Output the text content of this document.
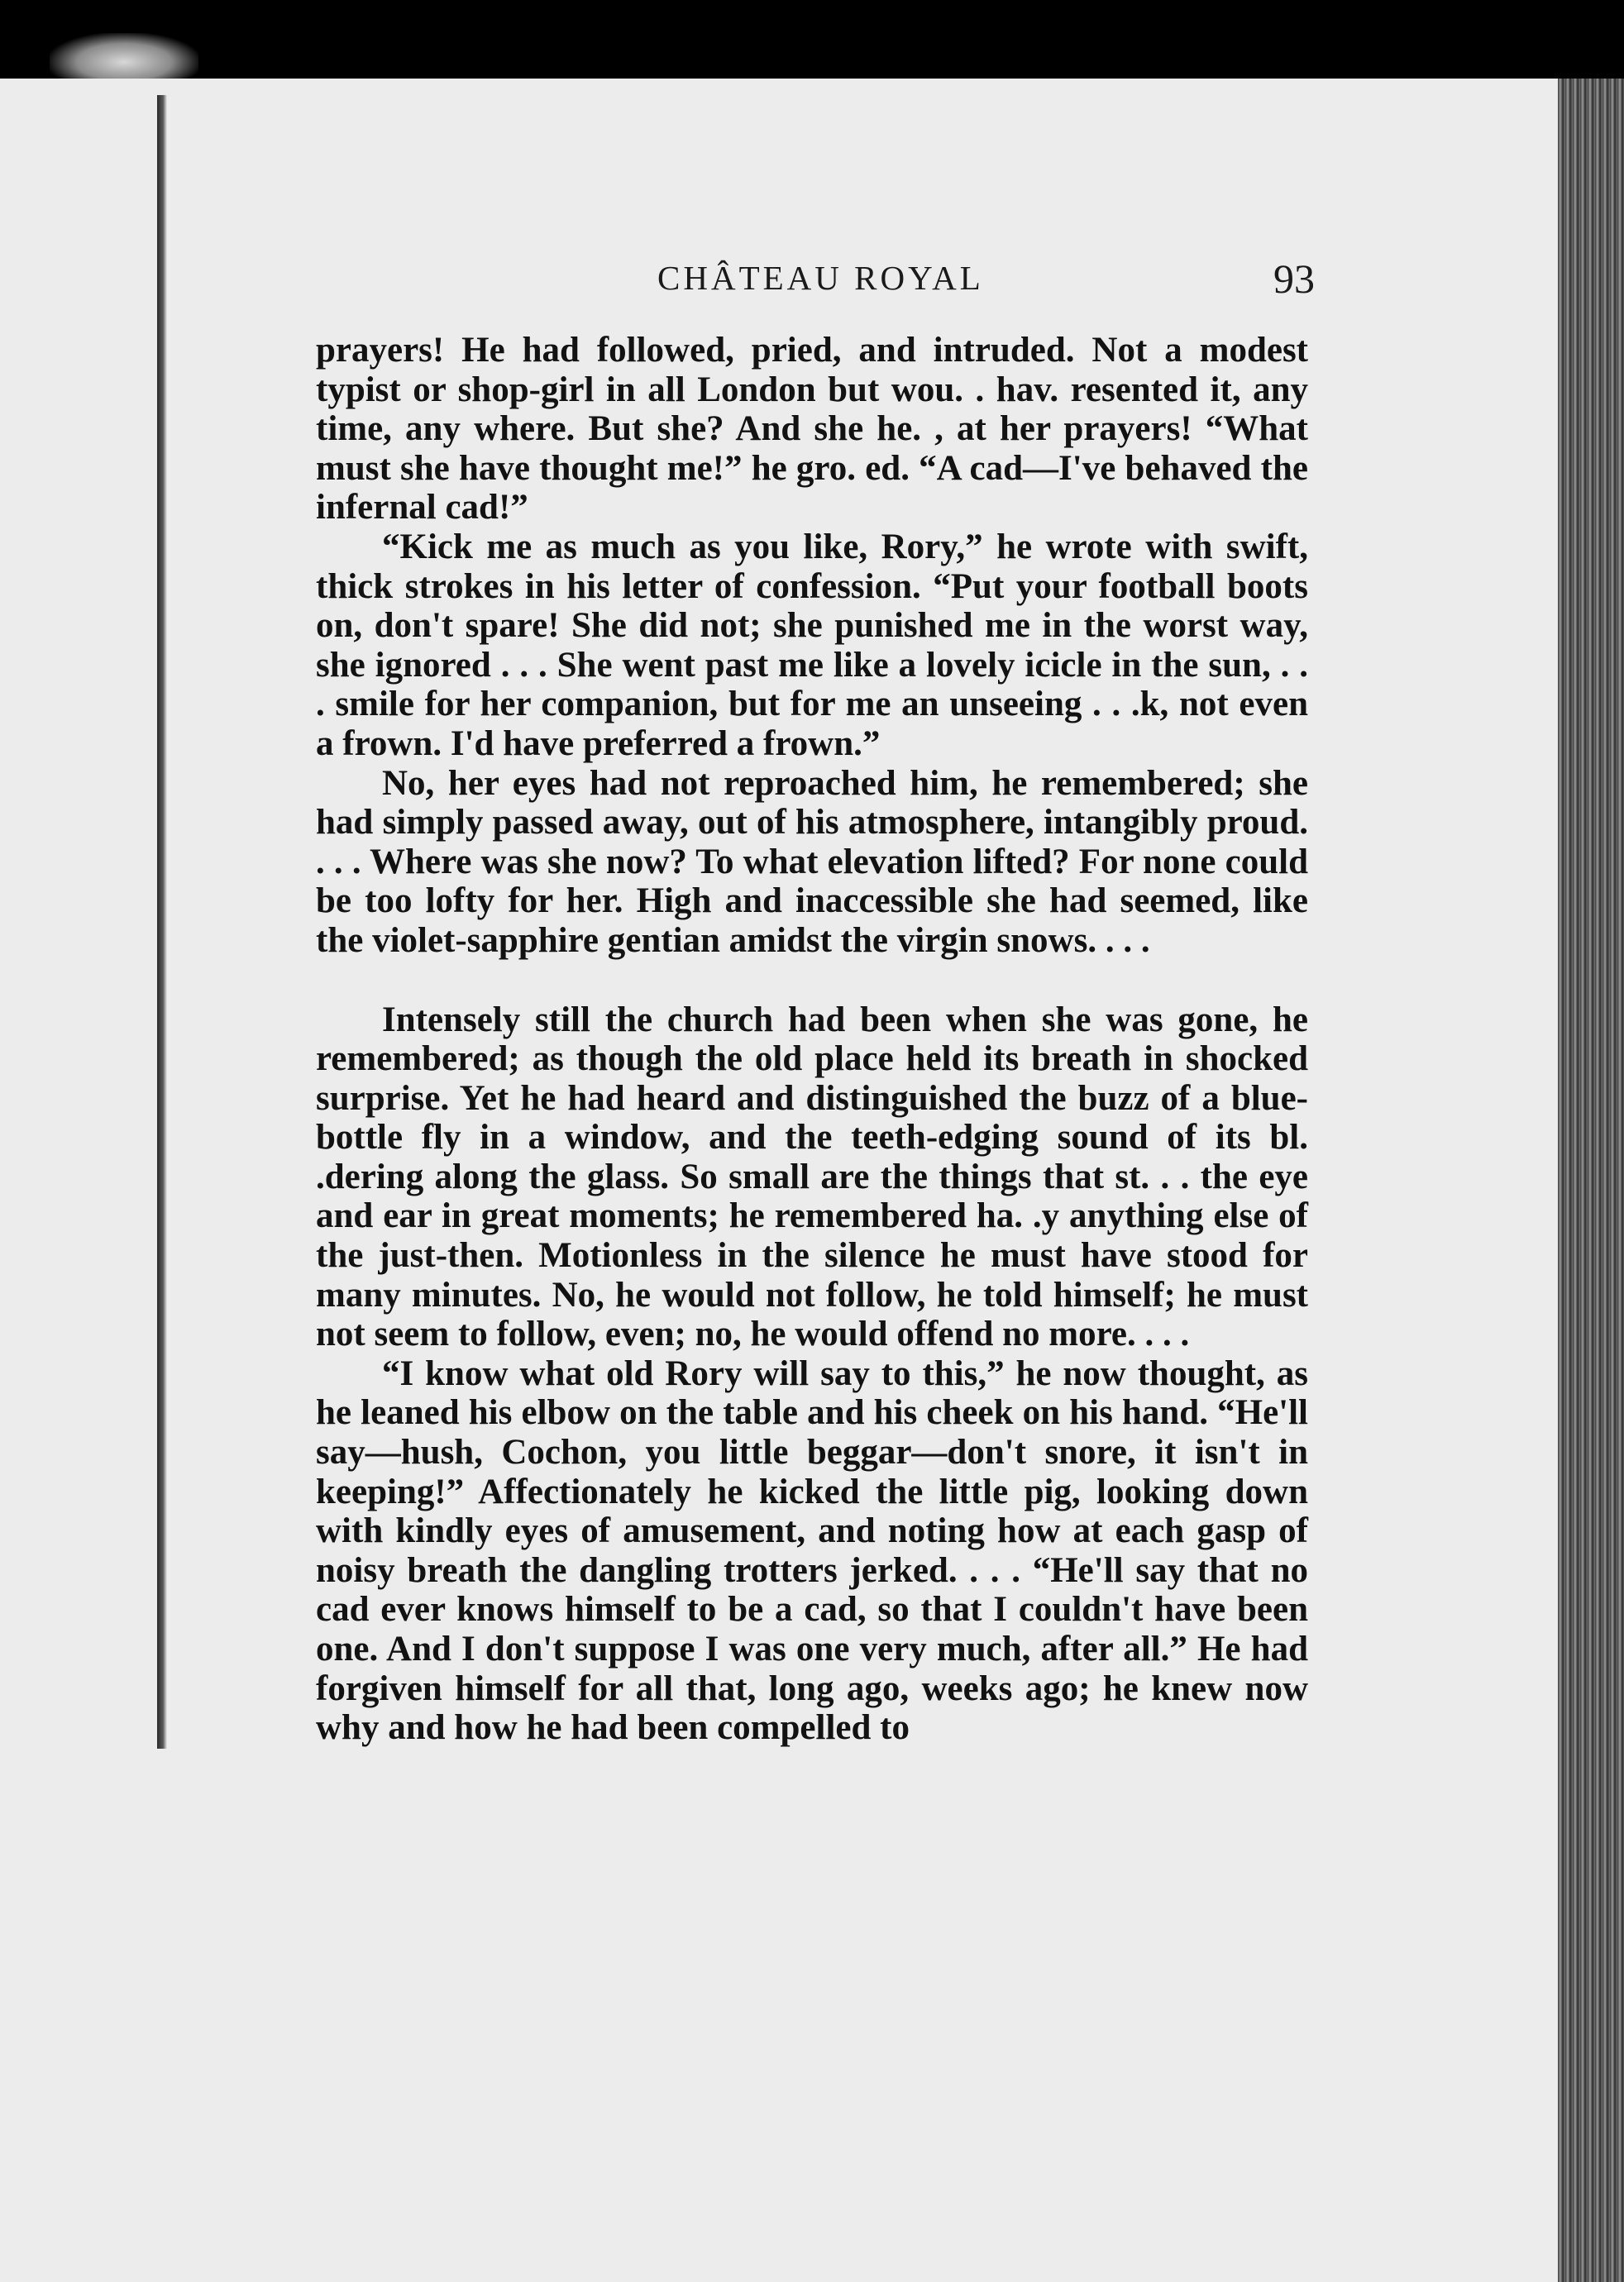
CHÂTEAU ROYAL	93

prayers! He had followed, pried, and intruded. Not a modest typist or shop-girl in all London but wou. . hav. resented it, any time, any where. But she? And she he. , at her prayers! “What must she have thought me!” he gro. ed. “A cad—I've behaved the infernal cad!”

“Kick me as much as you like, Rory,” he wrote with swift, thick strokes in his letter of confession. “Put your football boots on, don't spare! She did not; she punished me in the worst way, she ignored . . . She went past me like a lovely icicle in the sun, . . . smile for her companion, but for me an unseeing . . .k, not even a frown. I'd have preferred a frown.”

No, her eyes had not reproached him, he remembered; she had simply passed away, out of his atmosphere, intangibly proud. . . . Where was she now? To what elevation lifted? For none could be too lofty for her. High and inaccessible she had seemed, like the violet-sapphire gentian amidst the virgin snows. . . .

Intensely still the church had been when she was gone, he remembered; as though the old place held its breath in shocked surprise. Yet he had heard and distinguished the buzz of a blue-bottle fly in a window, and the teeth-edging sound of its bl. .dering along the glass. So small are the things that st. . . the eye and ear in great moments; he remembered ha. .y anything else of the just-then. Motionless in the silence he must have stood for many minutes. No, he would not follow, he told himself; he must not seem to follow, even; no, he would offend no more. . . .

“I know what old Rory will say to this,” he now thought, as he leaned his elbow on the table and his cheek on his hand. “He'll say—hush, Cochon, you little beggar—don't snore, it isn't in keeping!” Affectionately he kicked the little pig, looking down with kindly eyes of amusement, and noting how at each gasp of noisy breath the dangling trotters jerked. . . . “He'll say that no cad ever knows himself to be a cad, so that I couldn't have been one. And I don't suppose I was one very much, after all.” He had forgiven himself for all that, long ago, weeks ago; he knew now why and how he had been compelled to
